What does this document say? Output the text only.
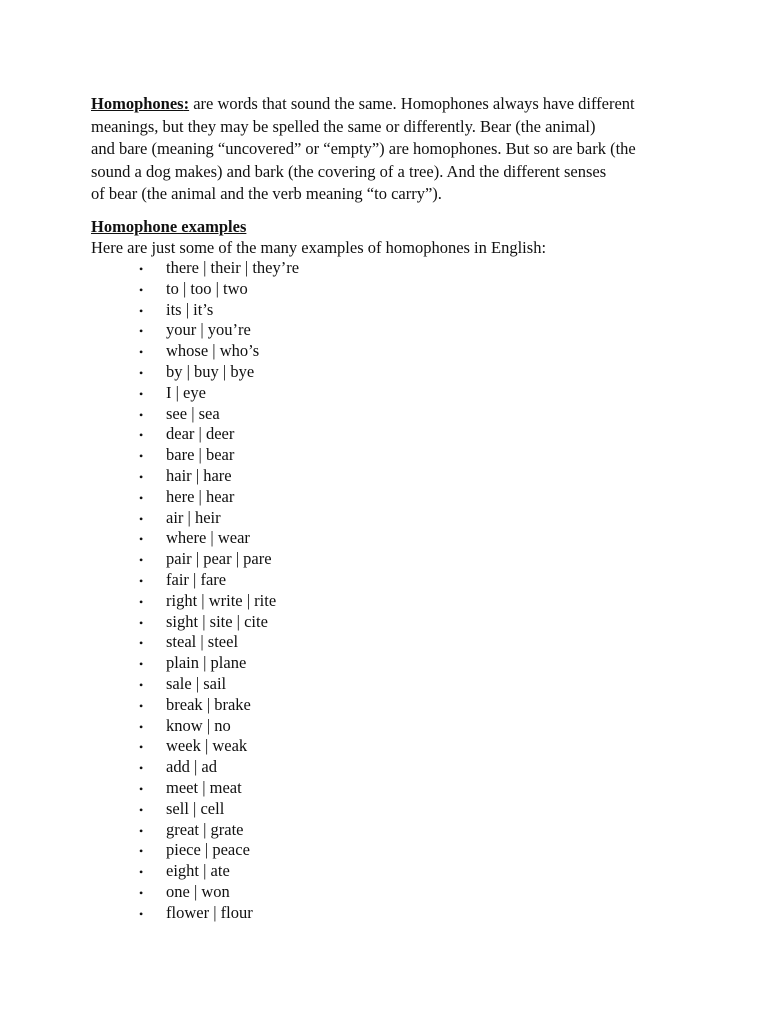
Homophones: are words that sound the same. Homophones always have different
meanings, but they may be spelled the same or differently. Bear (the animal)
and bare (meaning “uncovered” or “empty”) are homophones. But so are bark (the
sound a dog makes) and bark (the covering of a tree). And the different senses
of bear (the animal and the verb meaning “to carry”).

Homophone examples

Here are just some of the many examples of homophones in English:

• there | their | they’re
• to | too | two
• its | it’s
• your | you’re
• whose | who’s
• by | buy | bye
• I | eye
• see | sea
• dear | deer
• bare | bear
• hair | hare
• here | hear
• air | heir
• where | wear
• pair | pear | pare
• fair | fare
• right | write | rite
• sight | site | cite
• steal | steel
• plain | plane
• sale | sail
• break | brake
• know | no
• week | weak
• add | ad
• meet | meat
• sell | cell
• great | grate
• piece | peace
• eight | ate
• one | won
• flower | flour
